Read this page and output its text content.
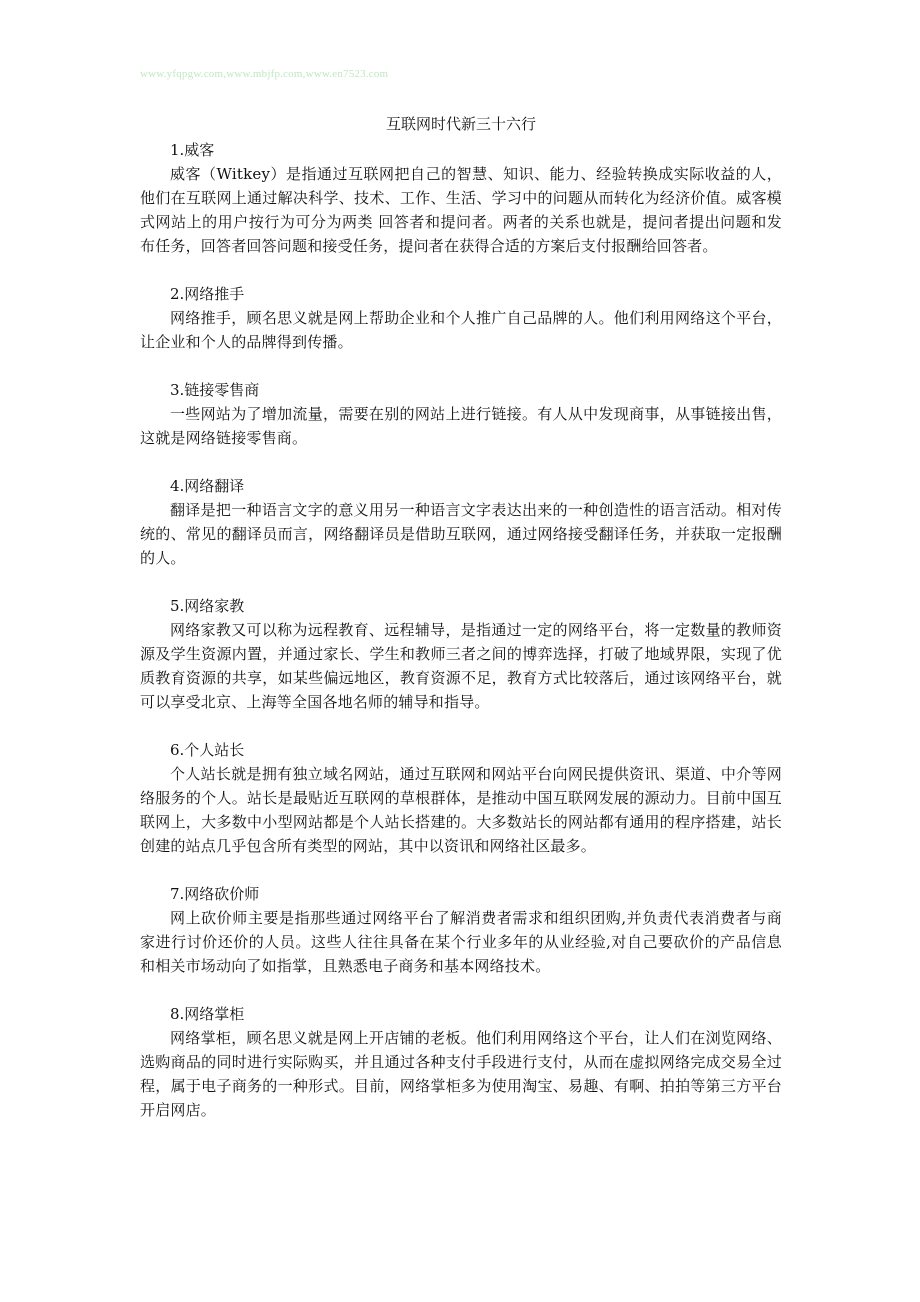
www.yfqpgw.com,www.mbjfp.com,www.en7523.com

互联网时代新三十六行

1.威客

威客（Witkey）是指通过互联网把自己的智慧、知识、能力、经验转换成实际收益的人，他们在互联网上通过解决科学、技术、工作、生活、学习中的问题从而转化为经济价值。威客模式网站上的用户按行为可分为两类 回答者和提问者。两者的关系也就是，提问者提出问题和发布任务，回答者回答问题和接受任务，提问者在获得合适的方案后支付报酬给回答者。

2.网络推手

网络推手，顾名思义就是网上帮助企业和个人推广自己品牌的人。他们利用网络这个平台，让企业和个人的品牌得到传播。

3.链接零售商

一些网站为了增加流量，需要在别的网站上进行链接。有人从中发现商事，从事链接出售，这就是网络链接零售商。

4.网络翻译

翻译是把一种语言文字的意义用另一种语言文字表达出来的一种创造性的语言活动。相对传统的、常见的翻译员而言，网络翻译员是借助互联网，通过网络接受翻译任务，并获取一定报酬的人。

5.网络家教

网络家教又可以称为远程教育、远程辅导，是指通过一定的网络平台，将一定数量的教师资源及学生资源内置，并通过家长、学生和教师三者之间的博弈选择，打破了地域界限，实现了优质教育资源的共享，如某些偏远地区，教育资源不足，教育方式比较落后，通过该网络平台，就可以享受北京、上海等全国各地名师的辅导和指导。

6.个人站长

个人站长就是拥有独立域名网站，通过互联网和网站平台向网民提供资讯、渠道、中介等网络服务的个人。站长是最贴近互联网的草根群体，是推动中国互联网发展的源动力。目前中国互联网上，大多数中小型网站都是个人站长搭建的。大多数站长的网站都有通用的程序搭建，站长创建的站点几乎包含所有类型的网站，其中以资讯和网络社区最多。

7.网络砍价师

网上砍价师主要是指那些通过网络平台了解消费者需求和组织团购,并负责代表消费者与商家进行讨价还价的人员。这些人往往具备在某个行业多年的从业经验,对自己要砍价的产品信息和相关市场动向了如指掌，且熟悉电子商务和基本网络技术。

8.网络掌柜

网络掌柜，顾名思义就是网上开店铺的老板。他们利用网络这个平台，让人们在浏览网络、选购商品的同时进行实际购买，并且通过各种支付手段进行支付，从而在虚拟网络完成交易全过程，属于电子商务的一种形式。目前，网络掌柜多为使用淘宝、易趣、有啊、拍拍等第三方平台开启网店。
